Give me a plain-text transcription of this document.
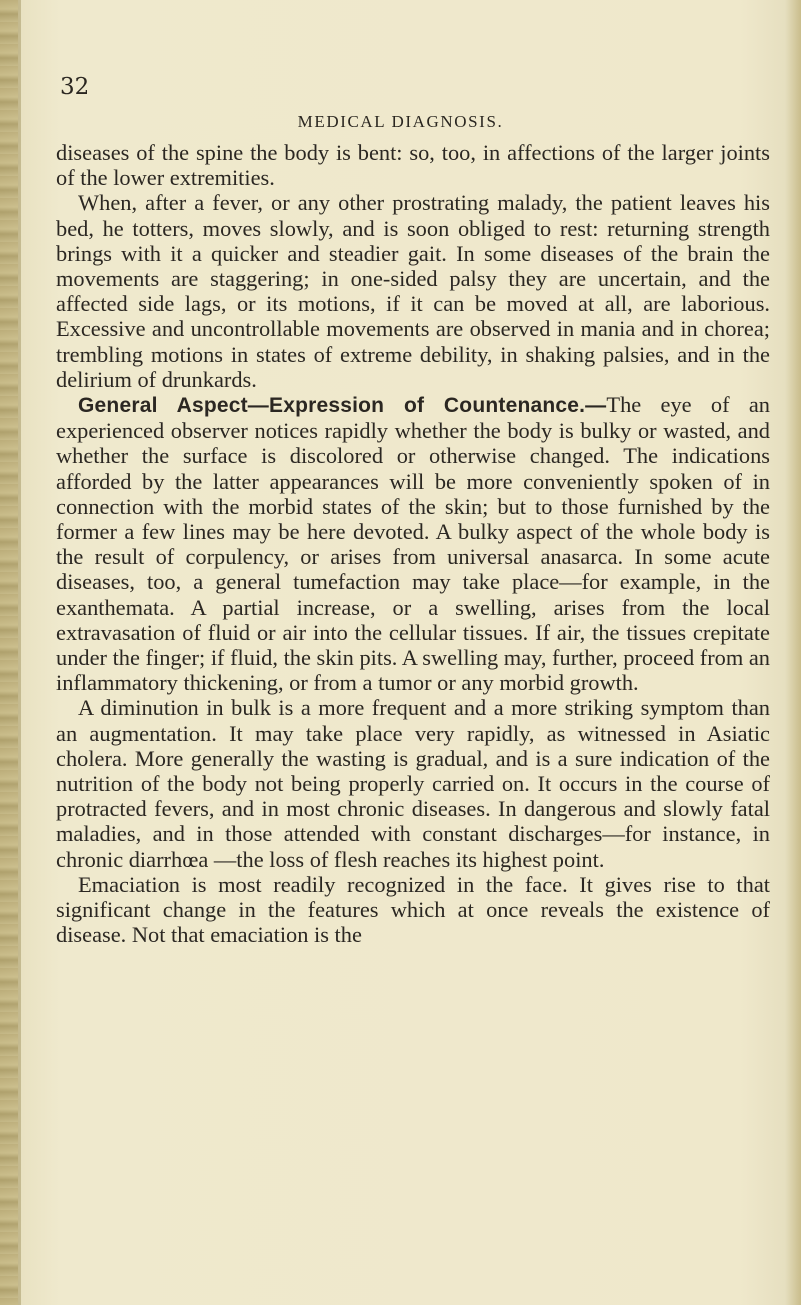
32

MEDICAL DIAGNOSIS.

diseases of the spine the body is bent: so, too, in affections of the larger joints of the lower extremities.

When, after a fever, or any other prostrating malady, the patient leaves his bed, he totters, moves slowly, and is soon obliged to rest: returning strength brings with it a quicker and steadier gait. In some diseases of the brain the movements are staggering; in one-sided palsy they are uncertain, and the affected side lags, or its motions, if it can be moved at all, are laborious. Excessive and uncontrollable movements are observed in mania and in chorea; trembling motions in states of extreme debility, in shaking palsies, and in the delirium of drunkards.

General Aspect—Expression of Countenance.—The eye of an experienced observer notices rapidly whether the body is bulky or wasted, and whether the surface is discolored or otherwise changed. The indications afforded by the latter appearances will be more conveniently spoken of in connection with the morbid states of the skin; but to those furnished by the former a few lines may be here devoted. A bulky aspect of the whole body is the result of corpulency, or arises from universal anasarca. In some acute diseases, too, a general tumefaction may take place—for example, in the exanthemata. A partial increase, or a swelling, arises from the local extravasation of fluid or air into the cellular tissues. If air, the tissues crepitate under the finger; if fluid, the skin pits. A swelling may, further, proceed from an inflammatory thickening, or from a tumor or any morbid growth.

A diminution in bulk is a more frequent and a more striking symptom than an augmentation. It may take place very rapidly, as witnessed in Asiatic cholera. More generally the wasting is gradual, and is a sure indication of the nutrition of the body not being properly carried on. It occurs in the course of protracted fevers, and in most chronic diseases. In dangerous and slowly fatal maladies, and in those attended with constant discharges—for instance, in chronic diarrhœa —the loss of flesh reaches its highest point.

Emaciation is most readily recognized in the face. It gives rise to that significant change in the features which at once reveals the existence of disease. Not that emaciation is the
